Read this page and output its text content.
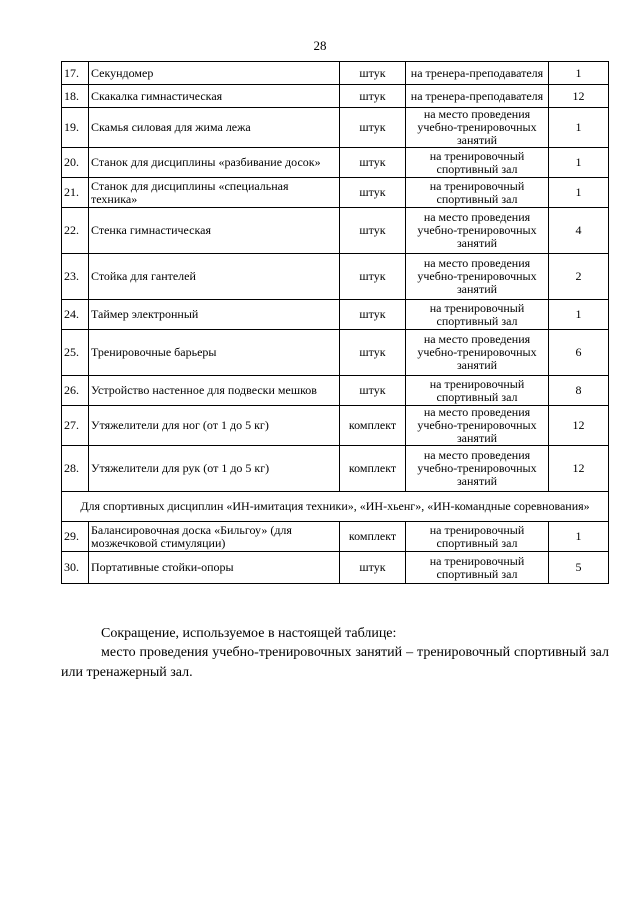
28
17.	Секундомер	штук	на тренера-преподавателя	1
18.	Скакалка гимнастическая	штук	на тренера-преподавателя	12
19.	Скамья силовая для жима лежа	штук	на место проведения учебно-тренировочных занятий	1
20.	Станок для дисциплины «разбивание досок»	штук	на тренировочный спортивный зал	1
21.	Станок для дисциплины «специальная техника»	штук	на тренировочный спортивный зал	1
22.	Стенка гимнастическая	штук	на место проведения учебно-тренировочных занятий	4
23.	Стойка для гантелей	штук	на место проведения учебно-тренировочных занятий	2
24.	Таймер электронный	штук	на тренировочный спортивный зал	1
25.	Тренировочные барьеры	штук	на место проведения учебно-тренировочных занятий	6
26.	Устройство настенное для подвески мешков	штук	на тренировочный спортивный зал	8
27.	Утяжелители для ног (от 1 до 5 кг)	комплект	на место проведения учебно-тренировочных занятий	12
28.	Утяжелители для рук (от 1 до 5 кг)	комплект	на место проведения учебно-тренировочных занятий	12
Для спортивных дисциплин «ИН-имитация техники», «ИН-хьенг», «ИН-командные соревнования»				
29.	Балансировочная доска «Бильгоу» (для мозжечковой стимуляции)	комплект	на тренировочный спортивный зал	1
30.	Портативные стойки-опоры	штук	на тренировочный спортивный зал	5
Сокращение, используемое в настоящей таблице:
место проведения учебно-тренировочных занятий – тренировочный спортивный зал или тренажерный зал.
